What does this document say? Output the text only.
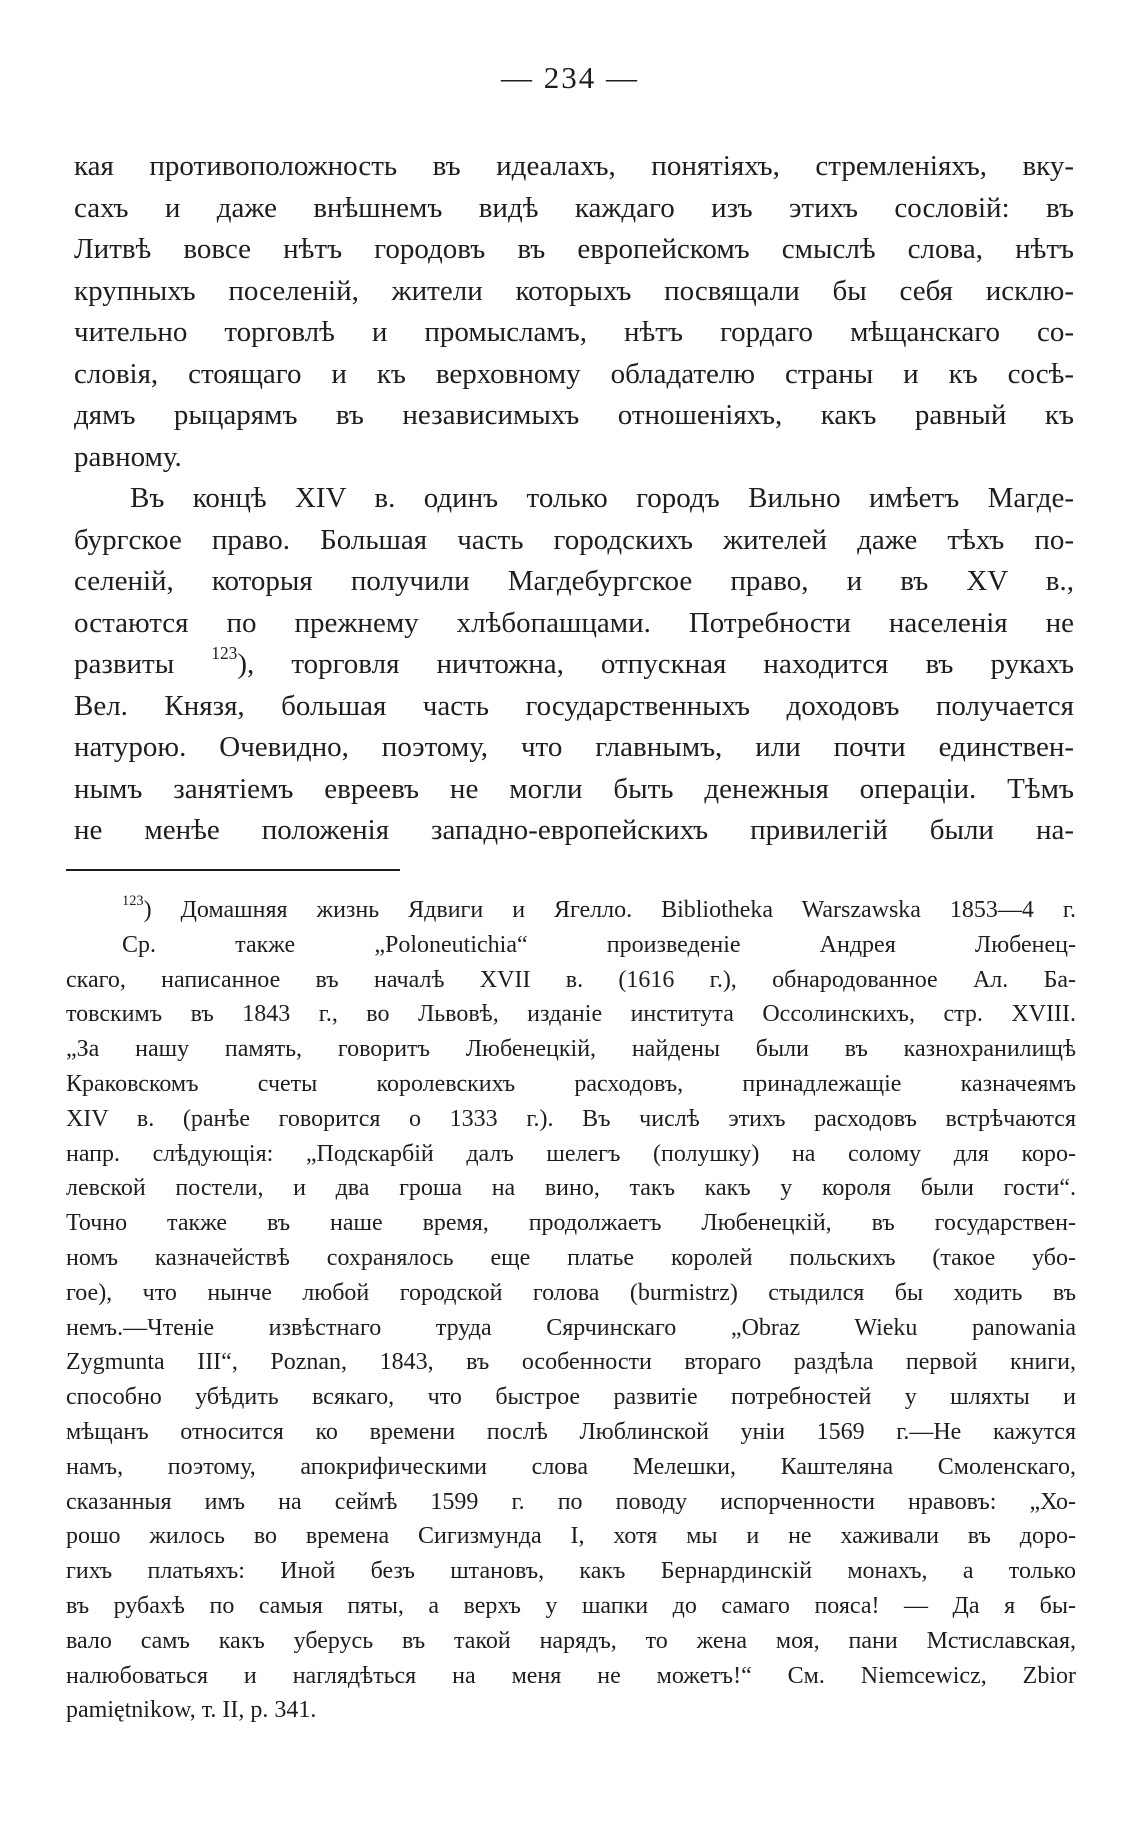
— 234 —
кая противоположность въ идеалахъ, понятіяхъ, стремленіяхъ, вку-
сахъ и даже внѣшнемъ видѣ каждаго изъ этихъ сословій: въ
Литвѣ вовсе нѣтъ городовъ въ европейскомъ смыслѣ слова, нѣтъ
крупныхъ поселеній, жители которыхъ посвящали бы себя исклю-
чительно торговлѣ и промысламъ, нѣтъ гордаго мѣщанскаго со-
словія, стоящаго и къ верховному обладателю страны и къ сосѣ-
дямъ рыцарямъ въ независимыхъ отношеніяхъ, какъ равный къ
равному.
Въ концѣ XIV в. одинъ только городъ Вильно имѣетъ Магде-
бургское право. Большая часть городскихъ жителей даже тѣхъ по-
селеній, которыя получили Магдебургское право, и въ XV в.,
остаются по прежнему хлѣбопашцами. Потребности населенія не
развиты $^{123}$), торговля ничтожна, отпускная находится въ рукахъ
Вел. Князя, большая часть государственныхъ доходовъ получается
натурою. Очевидно, поэтому, что главнымъ, или почти единствен-
нымъ занятіемъ евреевъ не могли быть денежныя операціи. Тѣмъ
не менѣе положенія западно-европейскихъ привилегій были на-
$^{123}$) Домашняя жизнь Ядвиги и Ягелло. Bibliotheka Warszawska 1853—4 г.
Ср. также „Poloneutichia“ произведеніе Андрея Любенец-
скаго, написанное въ началѣ XVII в. (1616 г.), обнародованное Ал. Ба-
товскимъ въ 1843 г., во Львовѣ, изданіе института Оссолинскихъ, стр. XVIII.
„За нашу память, говоритъ Любенецкій, найдены были въ казнохранилищѣ
Краковскомъ счеты королевскихъ расходовъ, принадлежащіе казначеямъ
XIV в. (ранѣе говорится о 1333 г.). Въ числѣ этихъ расходовъ встрѣчаются
напр. слѣдующія: „Подскарбій далъ шелегъ (полушку) на солому для коро-
левской постели, и два гроша на вино, такъ какъ у короля были гости“.
Точно также въ наше время, продолжаетъ Любенецкій, въ государствен-
номъ казначействѣ сохранялось еще платье королей польскихъ (такое убо-
гое), что нынче любой городской голова (burmistrz) стыдился бы ходить въ
немъ.—Чтеніе извѣстнаго труда Сярчинскаго „Obraz Wieku panowania
Zygmunta III“, Poznan, 1843, въ особенности втораго раздѣла первой книги,
способно убѣдить всякаго, что быстрое развитіе потребностей у шляхты и
мѣщанъ относится ко времени послѣ Люблинской уніи 1569 г.—Не кажутся
намъ, поэтому, апокрифическими слова Мелешки, Каштеляна Смоленскаго,
сказанныя имъ на сеймѣ 1599 г. по поводу испорченности нравовъ: „Хо-
рошо жилось во времена Сигизмунда I, хотя мы и не хаживали въ доро-
гихъ платьяхъ: Иной безъ штановъ, какъ Бернардинскій монахъ, а только
въ рубахѣ по самыя пяты, а верхъ у шапки до самаго пояса! — Да я бы-
вало самъ какъ уберусь въ такой нарядъ, то жена моя, пани Мстиславская,
налюбоваться и наглядѣться на меня не можетъ!“ См. Niemcewicz, Zbior
pamiętnikow, т. II, p. 341.
